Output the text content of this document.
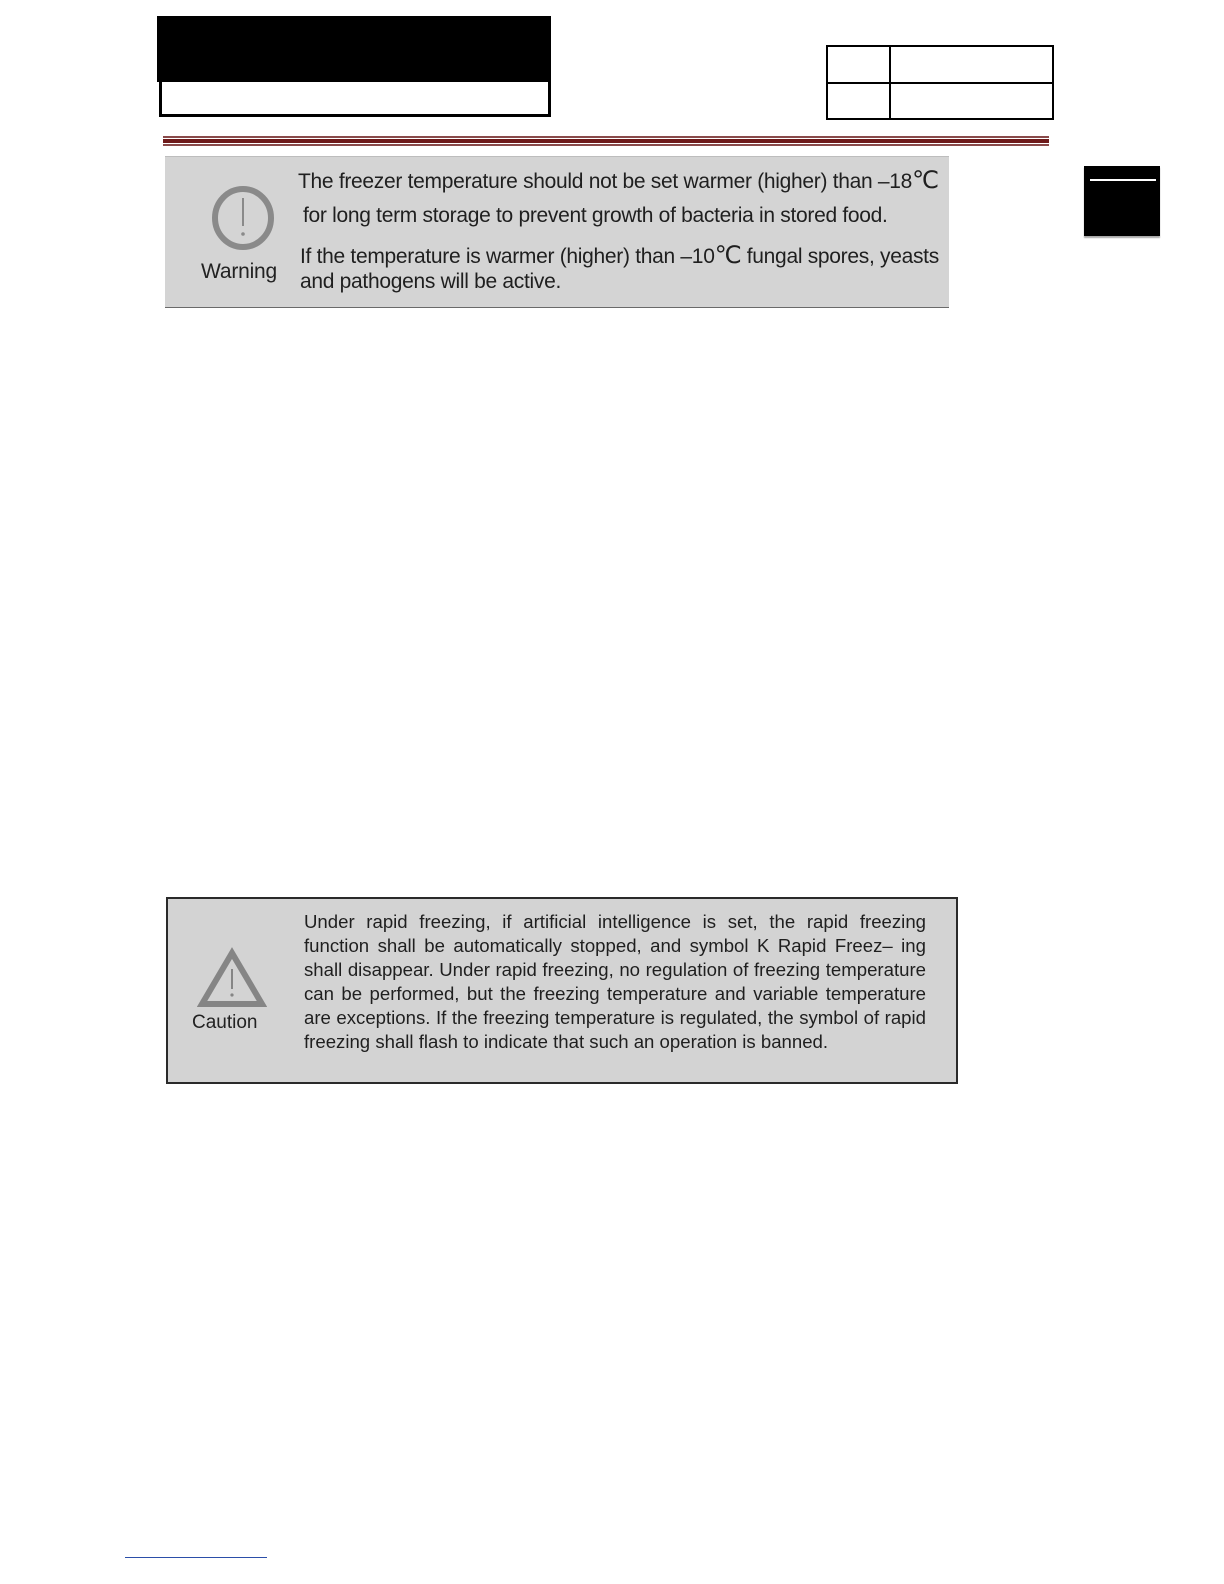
Warning
The freezer temperature should not be set warmer (higher) than –18℃
for long term storage to prevent growth of bacteria in stored food.
If the temperature is warmer (higher) than –10℃ fungal spores, yeasts
and pathogens will be active.
Caution
Under rapid freezing, if artificial intelligence is set, the rapid freezing function shall be automatically stopped, and symbol K Rapid Freez– ing shall disappear. Under rapid freezing, no regulation of freezing temperature can be performed, but the freezing temperature and variable temperature are exceptions. If the freezing temperature is regulated, the symbol of rapid freezing shall flash to indicate that such an operation is banned.
